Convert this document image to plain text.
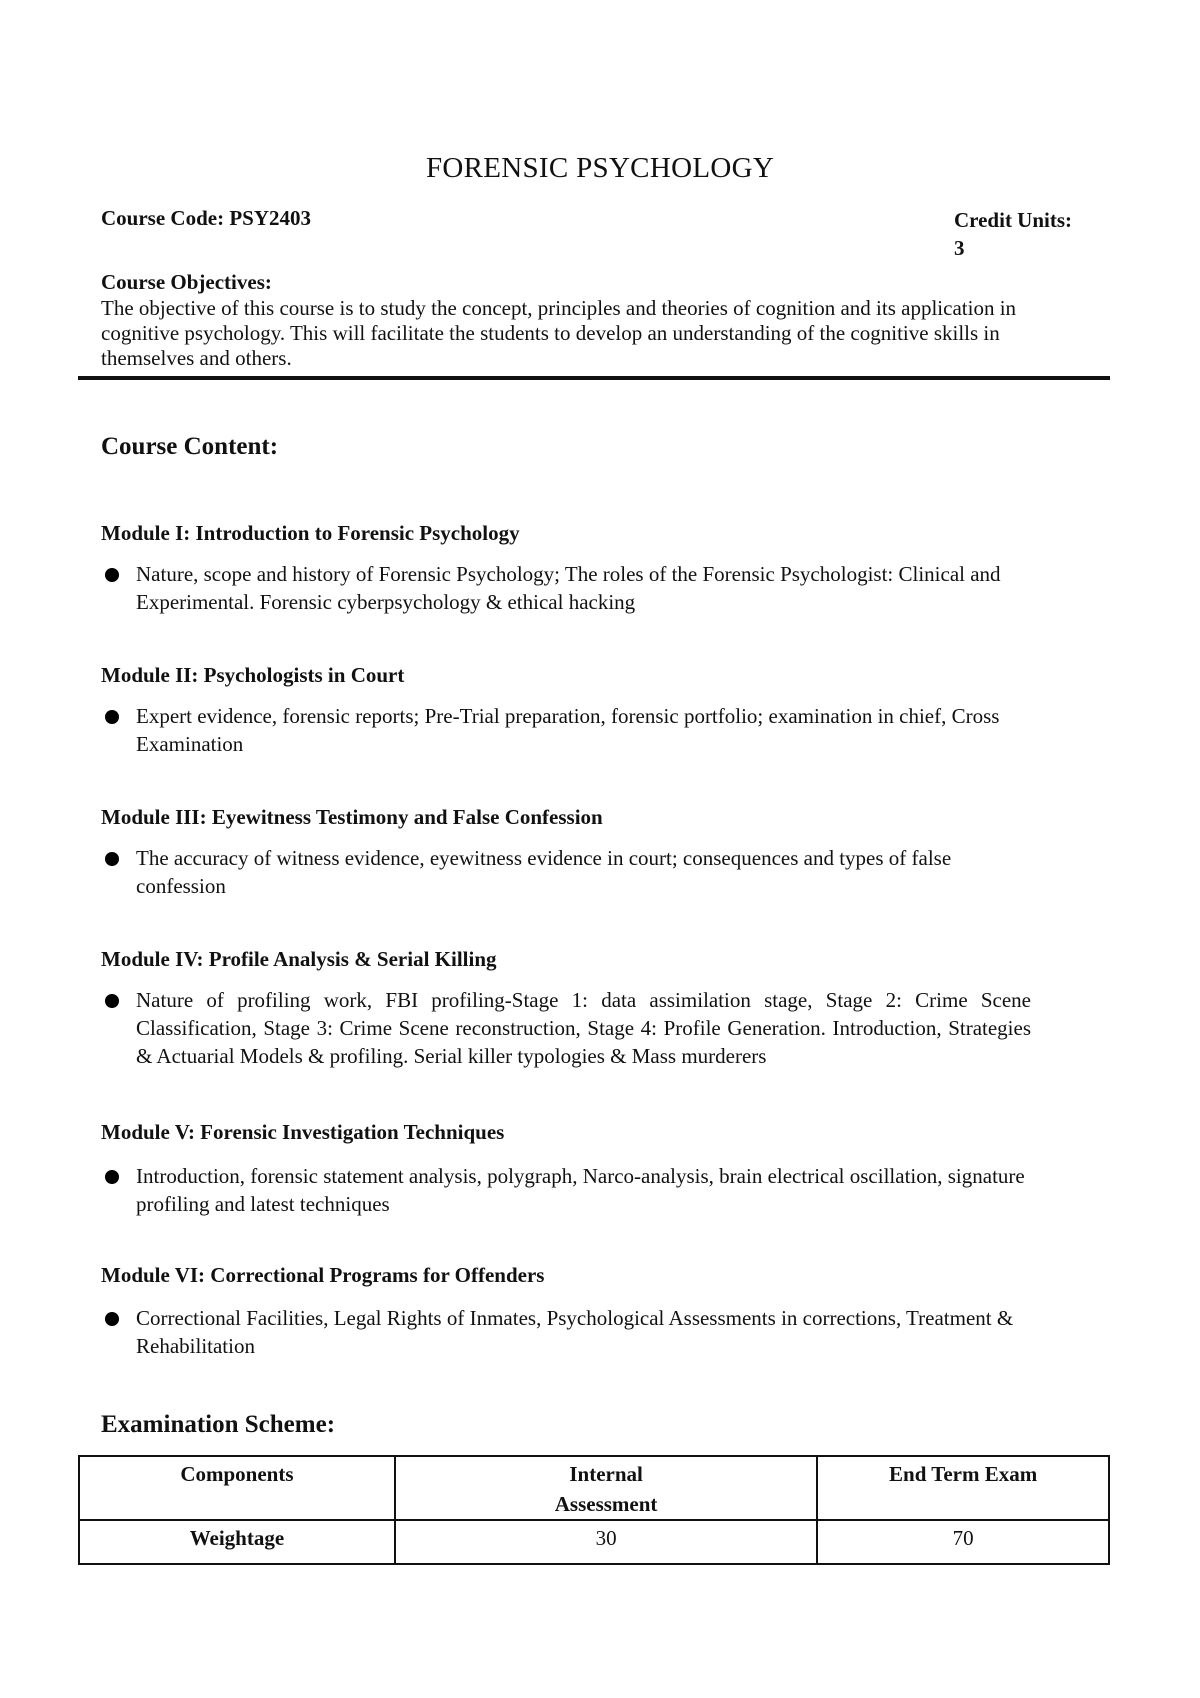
FORENSIC PSYCHOLOGY
Course Code: PSY2403	Credit Units:
3
Course Objectives:
The objective of this course is to study the concept, principles and theories of cognition and its application in cognitive psychology. This will facilitate the students to develop an understanding of the cognitive skills in themselves and others.
Course Content:
Module I: Introduction to Forensic Psychology
Nature, scope and history of Forensic Psychology; The roles of the Forensic Psychologist: Clinical and Experimental. Forensic cyberpsychology & ethical hacking
Module II: Psychologists in Court
Expert evidence, forensic reports; Pre-Trial preparation, forensic portfolio; examination in chief, Cross Examination
Module III: Eyewitness Testimony and False Confession
The accuracy of witness evidence, eyewitness evidence in court; consequences and types of false confession
Module IV: Profile Analysis & Serial Killing
Nature of profiling work, FBI profiling-Stage 1: data assimilation stage, Stage 2: Crime Scene Classification, Stage 3: Crime Scene reconstruction, Stage 4: Profile Generation. Introduction, Strategies & Actuarial Models & profiling. Serial killer typologies & Mass murderers
Module V: Forensic Investigation Techniques
Introduction, forensic statement analysis, polygraph, Narco-analysis, brain electrical oscillation, signature profiling and latest techniques
Module VI: Correctional Programs for Offenders
Correctional Facilities, Legal Rights of Inmates, Psychological Assessments in corrections, Treatment & Rehabilitation
Examination Scheme:
Components	Internal Assessment	End Term Exam

Weightage	30	70
